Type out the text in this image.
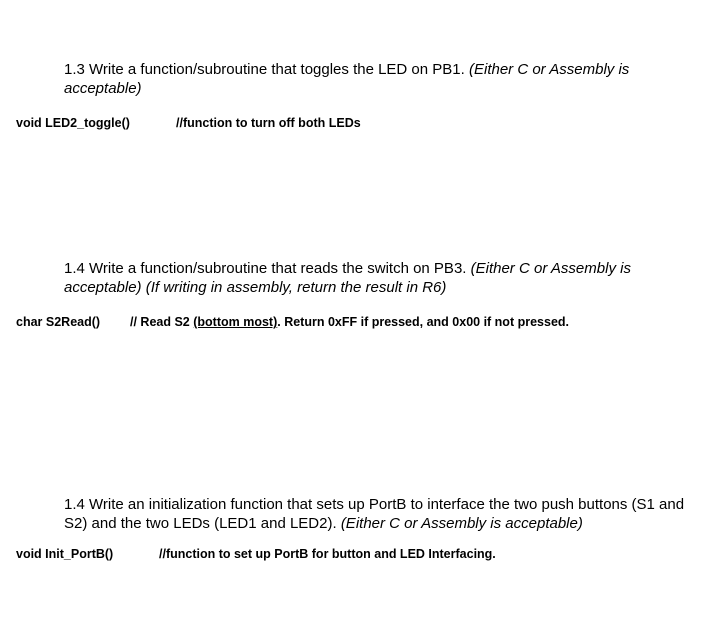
1.3 Write a function/subroutine that toggles the LED on PB1. (Either C or Assembly is acceptable)
void LED2_toggle()	//function to turn off both LEDs
1.4 Write a function/subroutine that reads the switch on PB3. (Either C or Assembly is acceptable) (If writing in assembly, return the result in R6)
char S2Read() // Read S2 (bottom most). Return 0xFF if pressed, and 0x00 if not pressed.
1.4 Write an initialization function that sets up PortB to interface the two push buttons (S1 and S2) and the two LEDs (LED1 and LED2). (Either C or Assembly is acceptable)
void Init_PortB()	//function to set up PortB for button and LED Interfacing.
